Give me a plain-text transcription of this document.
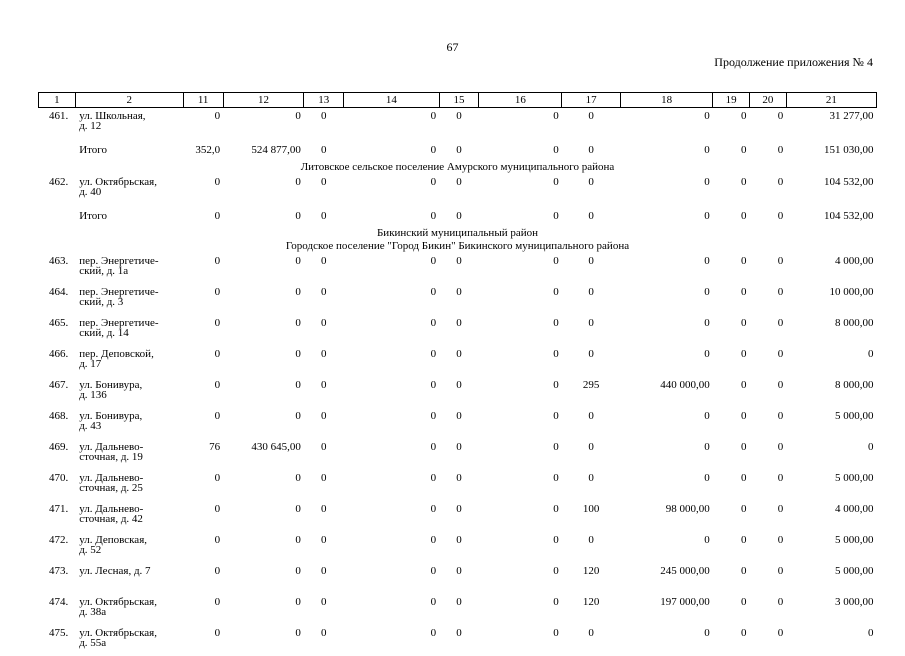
67
Продолжение приложения № 4
1	2	11	12	13	14	15	16	17	18	19	20	21
461.	ул. Школьная,
д. 12	0	0	0	0	0	0	0	0	0	0	31 277,00

	Итого	352,0	524 877,00	0	0	0	0	0	0	0	0	151 030,00
Литовское сельское поселение Амурского муниципального района												
462.	ул. Октябрьская,
д. 40	0	0	0	0	0	0	0	0	0	0	104 532,00

	Итого	0	0	0	0	0	0	0	0	0	0	104 532,00
Бикинский муниципальный район												
Городское поселение "Город Бикин" Бикинского муниципального района												
463.	пер. Энергетиче-
ский, д. 1а	0	0	0	0	0	0	0	0	0	0	4 000,00
464.	пер. Энергетиче-
ский, д. 3	0	0	0	0	0	0	0	0	0	0	10 000,00
465.	пер. Энергетиче-
ский, д. 14	0	0	0	0	0	0	0	0	0	0	8 000,00
466.	пер. Деповской,
д. 17	0	0	0	0	0	0	0	0	0	0	0
467.	ул. Бонивура,
д. 136	0	0	0	0	0	0	295	440 000,00	0	0	8 000,00
468.	ул. Бонивура,
д. 43	0	0	0	0	0	0	0	0	0	0	5 000,00
469.	ул. Дальнево-
сточная, д. 19	76	430 645,00	0	0	0	0	0	0	0	0	0
470.	ул. Дальнево-
сточная, д. 25	0	0	0	0	0	0	0	0	0	0	5 000,00
471.	ул. Дальнево-
сточная, д. 42	0	0	0	0	0	0	100	98 000,00	0	0	4 000,00
472.	ул. Деповская,
д. 52	0	0	0	0	0	0	0	0	0	0	5 000,00
473.	ул. Лесная, д. 7	0	0	0	0	0	0	120	245 000,00	0	0	5 000,00
474.	ул. Октябрьская,
д. 38а	0	0	0	0	0	0	120	197 000,00	0	0	3 000,00
475.	ул. Октябрьская,
д. 55а	0	0	0	0	0	0	0	0	0	0	0
